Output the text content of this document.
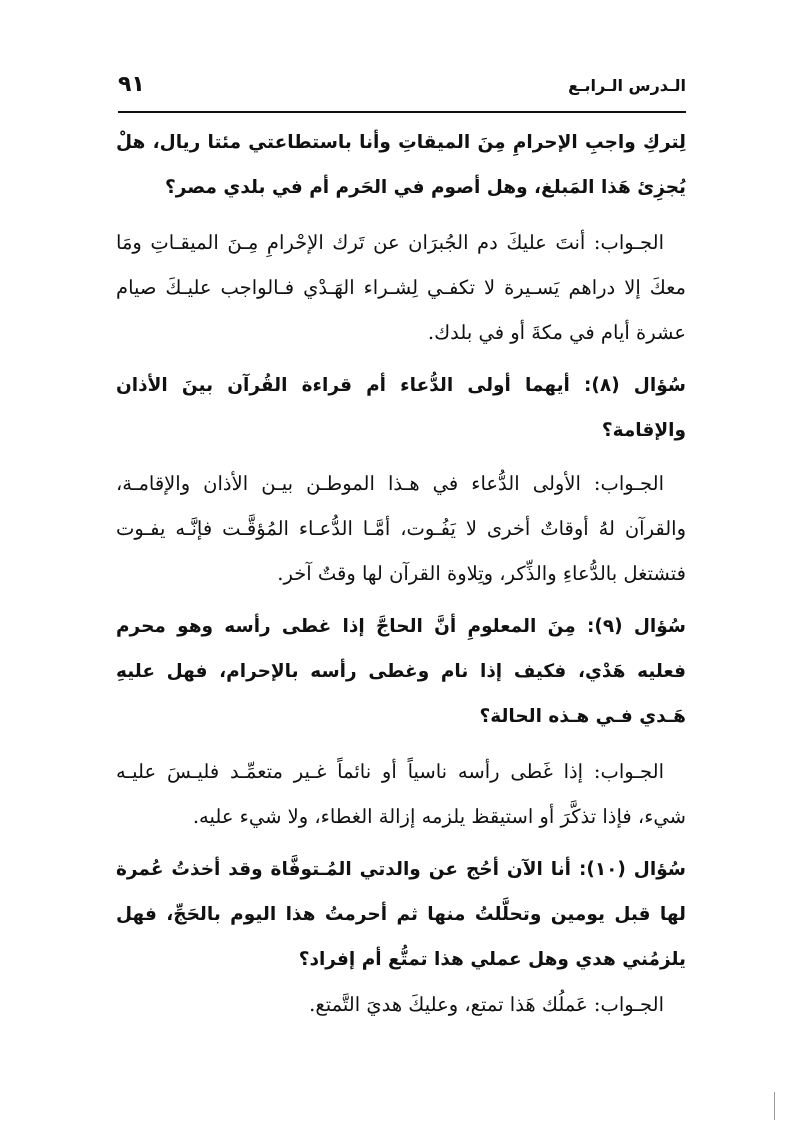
الـدرس الـرابـع
٩١

لِتركِ واجبِ الإحرامِ مِنَ الميقاتِ وأنا باستطاعتي مئتا ريال، هلْ يُجزِئ هَذا المَبلغ، وهل أصوم في الحَرم أم في بلدي مصر؟

الجـواب: أنتَ عليكَ دم الجُبرَان عن تَرك الإحْرامِ مِـنَ الميقـاتِ ومَا معكَ إلا دراهم يَسـيرة لا تكفـي لِشـراء الهَـدْي فـالواجب عليـكَ صيام عشرة أيام في مكةَ أو في بلدك.

سُؤال (٨): أيهما أولى الدُّعاء أم قراءة القُرآن بينَ الأذان والإقامة؟

الجـواب: الأولى الدُّعاء في هـذا الموطـن بيـن الأذان والإقامـة، والقرآن لهُ أوقاتٌ أخرى لا يَفُـوت، أمَّـا الدُّعـاء المُؤقَّـت فإنَّـه يفـوت فتشتغل بالدُّعاءِ والذِّكر، وتِلاوة القرآن لها وقتٌ آخر.

سُؤال (٩): مِنَ المعلومِ أنَّ الحاجَّ إذا غطى رأسه وهو محرم فعليه هَدْي، فكيف إذا نام وغطى رأسه بالإحرام، فهل عليهِ هَـدي فـي هـذه الحالة؟

الجـواب: إذا غَطى رأسه ناسياً أو نائماً غـير متعمِّـد فليـسَ عليـه شيء، فإذا تذكَّرَ أو استيقظ يلزمه إزالة الغطاء، ولا شيء عليه.

سُؤال (١٠): أنا الآن أحُج عن والدتي المُـتوفَّاة وقد أخذتُ عُمرة لها قبل يومين وتحلَّلتُ منها ثم أحرمتُ هذا اليوم بالحَجِّ، فهل يلزمُني هدي وهل عملي هذا تمتُّع أم إفراد؟

الجـواب: عَملُك هَذا تمتع، وعليكَ هديَ التَّمتع.
